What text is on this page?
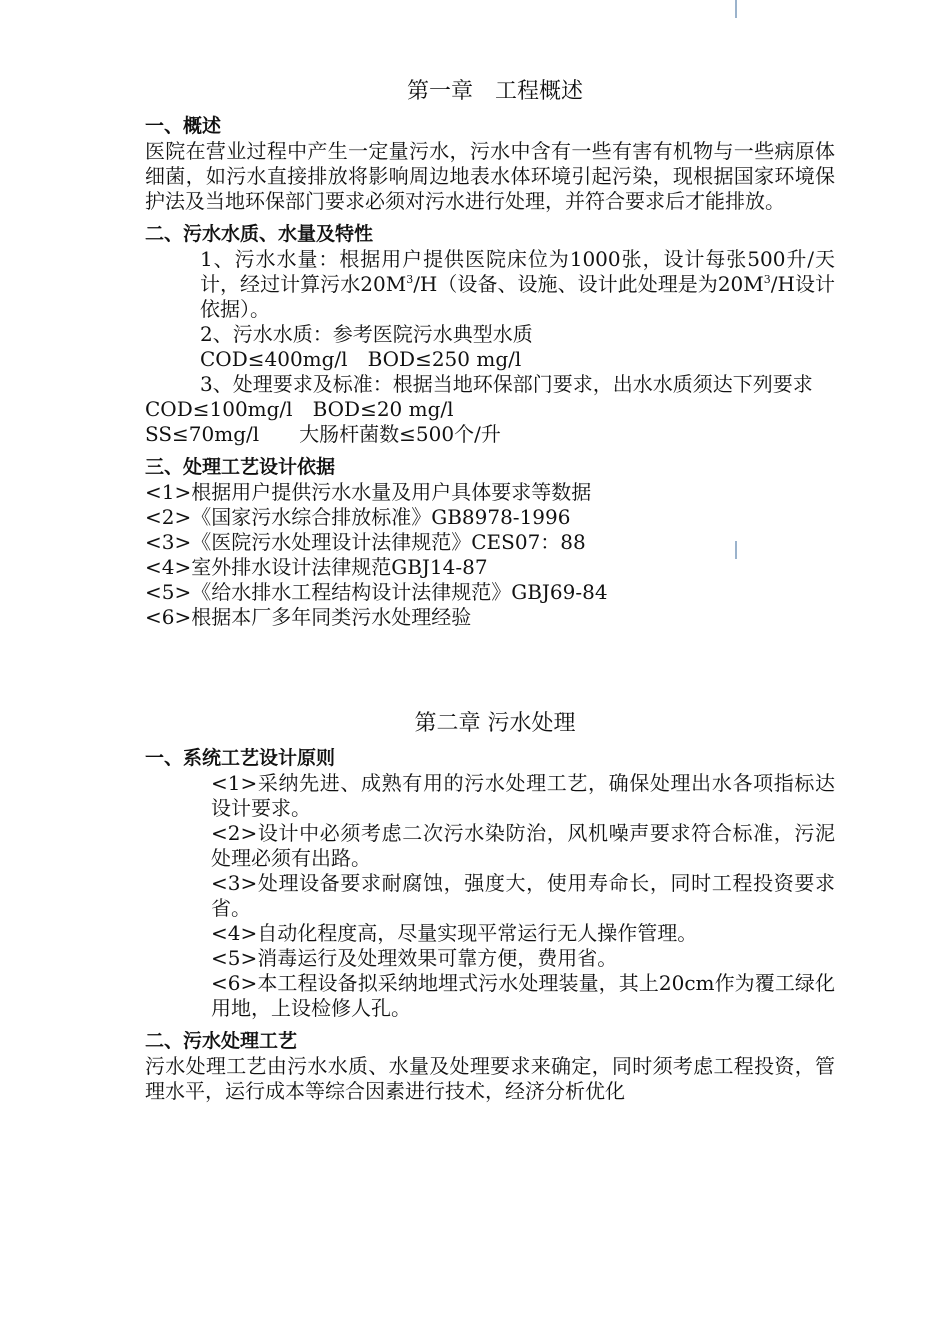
第一章　工程概述
一、概述

医院在营业过程中产生一定量污水，污水中含有一些有害有机物与一些病原体细菌，如污水直接排放将影响周边地表水体环境引起污染，现根据国家环境保护法及当地环保部门要求必须对污水进行处理，并符合要求后才能排放。

二、污水水质、水量及特性

1、污水水量：根据用户提供医院床位为1000张，设计每张500升/天计，经过计算污水$20M^3/H$（设备、设施、设计此处理是为$20M^3/H$设计依据）。

2、污水水质：参考医院污水典型水质

COD≤400mg/l　BOD≤250 mg/l

3、处理要求及标准：根据当地环保部门要求，出水水质须达下列要求

COD≤100mg/l　BOD≤20 mg/l

SS≤70mg/l　　大肠杆菌数≤500个/升

三、处理工艺设计依据

<1>根据用户提供污水水量及用户具体要求等数据

<2>《国家污水综合排放标准》GB8978-1996

<3>《医院污水处理设计法律规范》CES07：88

<4>室外排水设计法律规范GBJ14-87

<5>《给水排水工程结构设计法律规范》GBJ69-84

<6>根据本厂多年同类污水处理经验

第二章 污水处理
一、系统工艺设计原则

<1>采纳先进、成熟有用的污水处理工艺，确保处理出水各项指标达设计要求。

<2>设计中必须考虑二次污水染防治，风机噪声要求符合标准，污泥处理必须有出路。

<3>处理设备要求耐腐蚀，强度大，使用寿命长，同时工程投资要求省。

<4>自动化程度高，尽量实现平常运行无人操作管理。

<5>消毒运行及处理效果可靠方便，费用省。

<6>本工程设备拟采纳地埋式污水处理装量，其上20cm作为覆工绿化用地，上设检修人孔。

二、污水处理工艺

污水处理工艺由污水水质、水量及处理要求来确定，同时须考虑工程投资，管理水平，运行成本等综合因素进行技术，经济分析优化
